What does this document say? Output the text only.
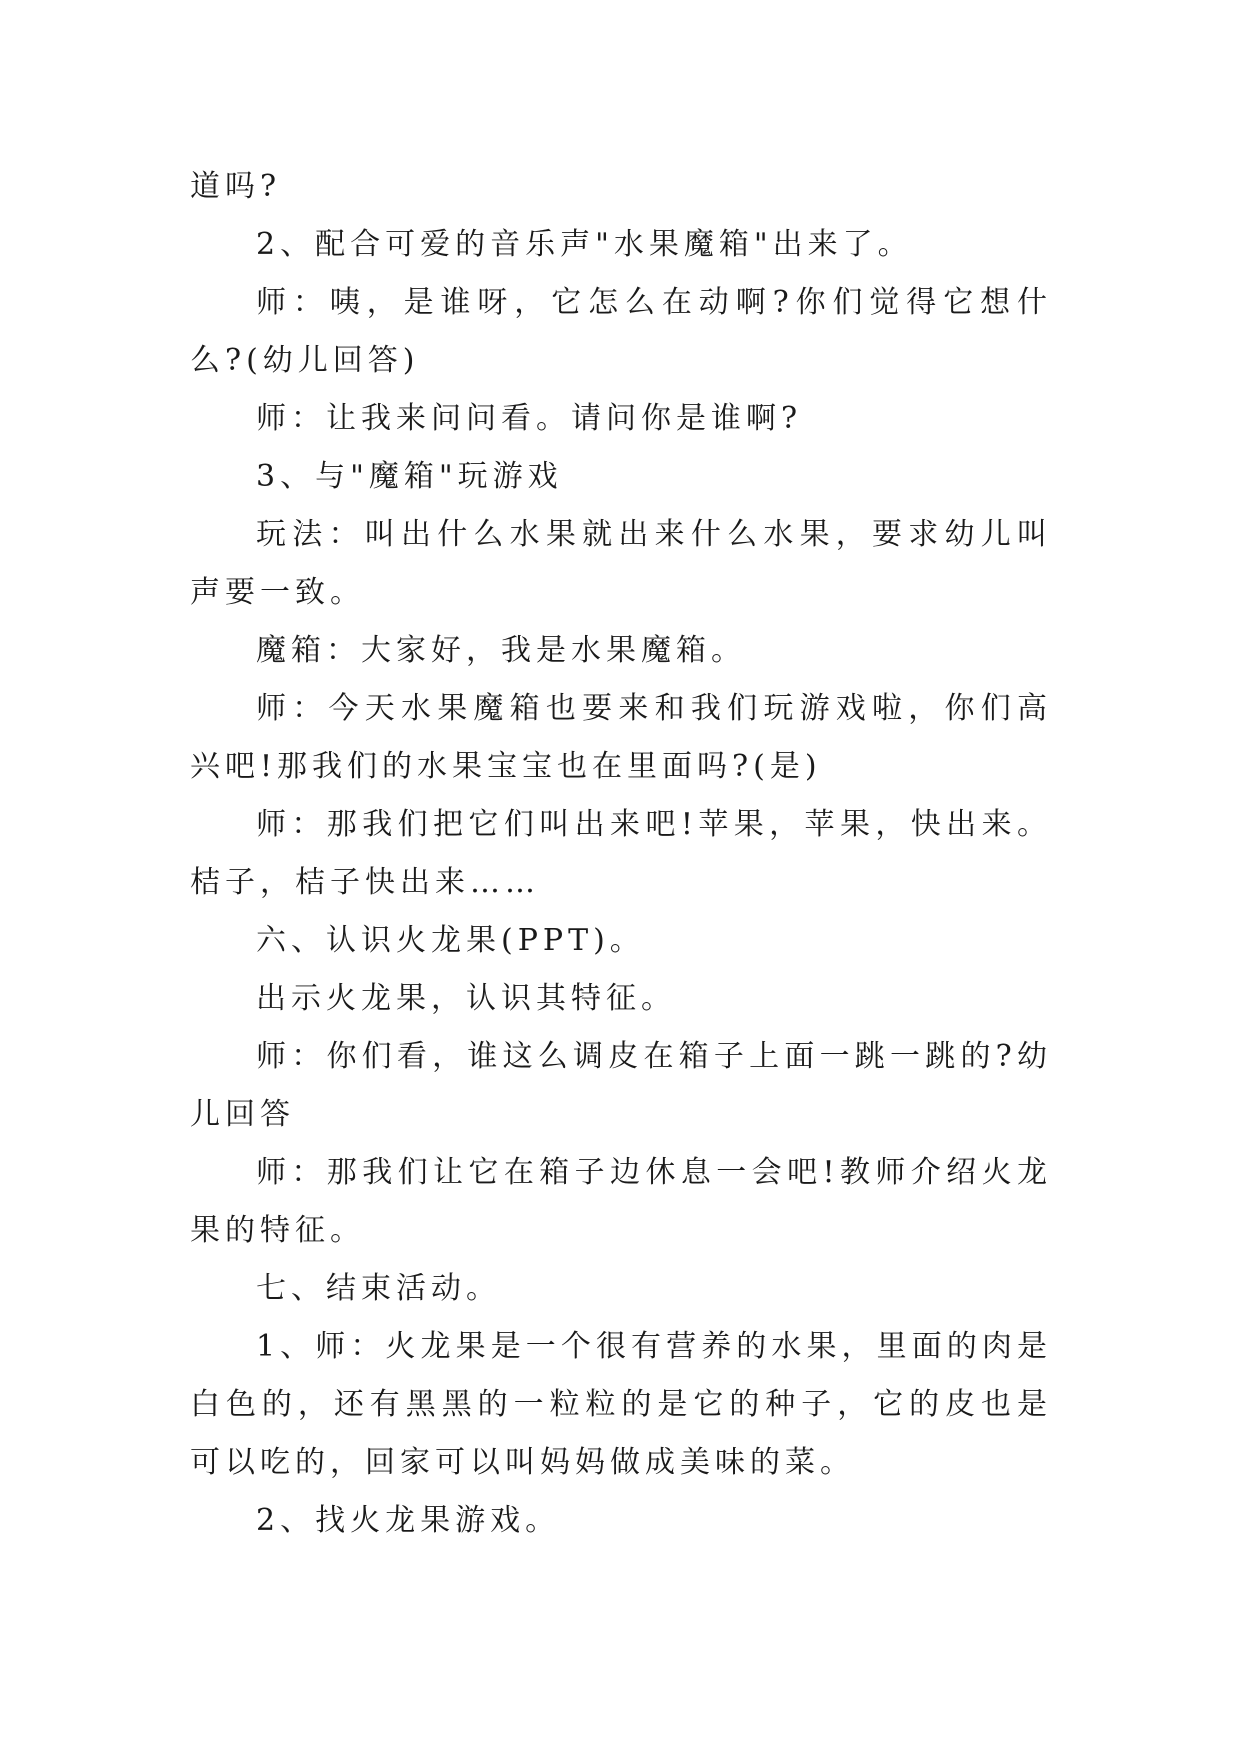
道吗?

2、配合可爱的音乐声"水果魔箱"出来了。

师：咦，是谁呀，它怎么在动啊?你们觉得它想什么?(幼儿回答)

师：让我来问问看。请问你是谁啊?

3、与"魔箱"玩游戏

玩法：叫出什么水果就出来什么水果，要求幼儿叫声要一致。

魔箱：大家好，我是水果魔箱。

师：今天水果魔箱也要来和我们玩游戏啦，你们高兴吧!那我们的水果宝宝也在里面吗?(是)

师：那我们把它们叫出来吧!苹果，苹果，快出来。桔子，桔子快出来……

六、认识火龙果(PPT)。

出示火龙果，认识其特征。

师：你们看，谁这么调皮在箱子上面一跳一跳的?幼儿回答

师：那我们让它在箱子边休息一会吧!教师介绍火龙果的特征。

七、结束活动。

1、师：火龙果是一个很有营养的水果，里面的肉是白色的，还有黑黑的一粒粒的是它的种子，它的皮也是可以吃的，回家可以叫妈妈做成美味的菜。

2、找火龙果游戏。
